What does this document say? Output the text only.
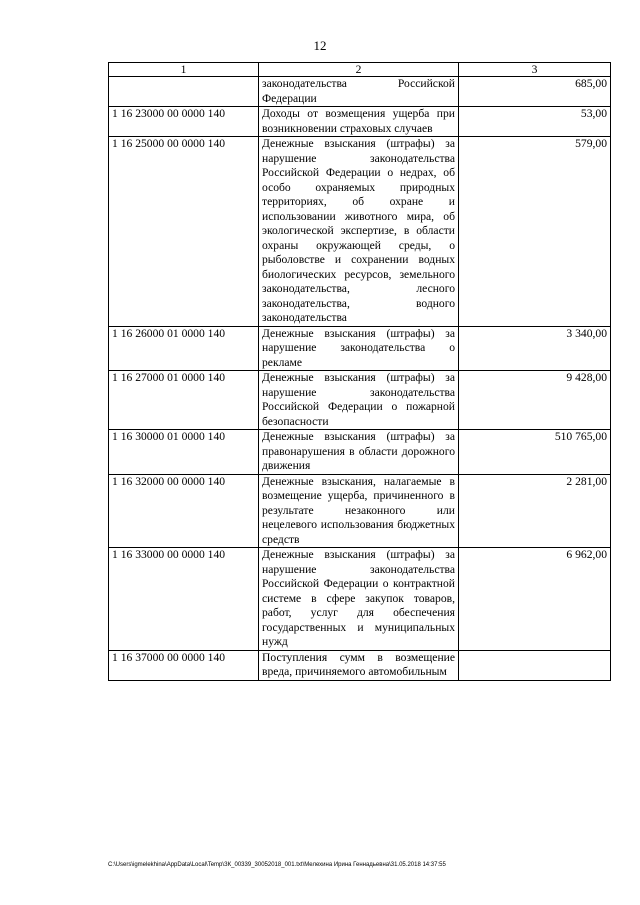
12
1	2	3
	законодательства Российской Федерации	685,00
1 16 23000 00 0000 140	Доходы от возмещения ущерба при возникновении страховых случаев	53,00
1 16 25000 00 0000 140	Денежные взыскания (штрафы) за нарушение законодательства Российской Федерации о недрах, об особо охраняемых природных территориях, об охране и использовании животного мира, об экологической экспертизе, в области охраны окружающей среды, о рыболовстве и сохранении водных биологических ресурсов, земельного законодательства, лесного законодательства, водного законодательства	579,00
1 16 26000 01 0000 140	Денежные взыскания (штрафы) за нарушение законодательства о рекламе	3 340,00
1 16 27000 01 0000 140	Денежные взыскания (штрафы) за нарушение законодательства Российской Федерации о пожарной безопасности	9 428,00
1 16 30000 01 0000 140	Денежные взыскания (штрафы) за правонарушения в области дорожного движения	510 765,00
1 16 32000 00 0000 140	Денежные взыскания, налагаемые в возмещение ущерба, причиненного в результате незаконного или нецелевого использования бюджетных средств	2 281,00
1 16 33000 00 0000 140	Денежные взыскания (штрафы) за нарушение законодательства Российской Федерации о контрактной системе в сфере закупок товаров, работ, услуг для обеспечения государственных и муниципальных нужд	6 962,00
1 16 37000 00 0000 140	Поступления сумм в возмещение вреда, причиняемого автомобильным	
C:\Users\igmelekhina\AppData\Local\Temp\ЗК_00339_30052018_001.txt\Мелехина Ирина Геннадьевна\31.05.2018 14:37:55
